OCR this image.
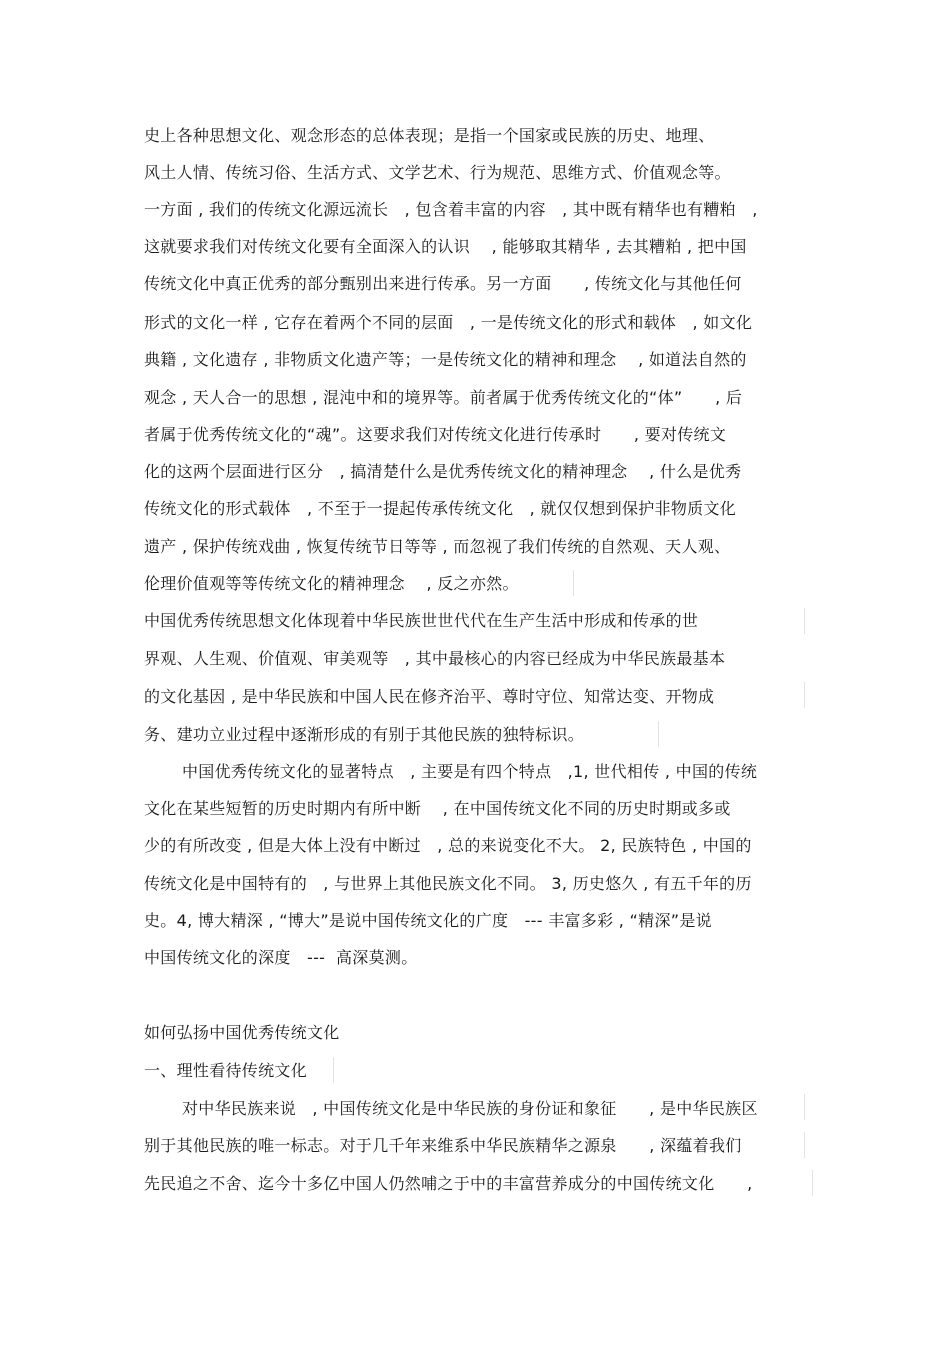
史上各种思想文化、观念形态的总体表现；是指一个国家或民族的历史、地理、
风土人情、传统习俗、生活方式、文学艺术、行为规范、思维方式、价值观念等。
一方面 , 我们的传统文化源远流长　, 包含着丰富的内容　, 其中既有精华也有糟粕　,
这就要求我们对传统文化要有全面深入的认识　 , 能够取其精华 , 去其糟粕 , 把中国
传统文化中真正优秀的部分甄别出来进行传承。另一方面　　, 传统文化与其他任何
形式的文化一样 , 它存在着两个不同的层面　, 一是传统文化的形式和载体　, 如文化
典籍 , 文化遗存 , 非物质文化遗产等；一是传统文化的精神和理念　 , 如道法自然的
观念 , 天人合一的思想 , 混沌中和的境界等。前者属于优秀传统文化的“体”　　, 后
者属于优秀传统文化的“魂”。这要求我们对传统文化进行传承时　　, 要对传统文
化的这两个层面进行区分　, 搞清楚什么是优秀传统文化的精神理念　 , 什么是优秀
传统文化的形式载体　, 不至于一提起传承传统文化　, 就仅仅想到保护非物质文化
遗产 , 保护传统戏曲 , 恢复传统节日等等 , 而忽视了我们传统的自然观、天人观、
伦理价值观等等传统文化的精神理念　 , 反之亦然。
中国优秀传统思想文化体现着中华民族世世代代在生产生活中形成和传承的世
界观、人生观、价值观、审美观等　, 其中最核心的内容已经成为中华民族最基本
的文化基因 , 是中华民族和中国人民在修齐治平、尊时守位、知常达变、开物成
务、建功立业过程中逐渐形成的有别于其他民族的独特标识。
中国优秀传统文化的显著特点　, 主要是有四个特点　,1, 世代相传 , 中国的传统
文化在某些短暂的历史时期内有所中断　 , 在中国传统文化不同的历史时期或多或
少的有所改变 , 但是大体上没有中断过　, 总的来说变化不大。 2, 民族特色 , 中国的
传统文化是中国特有的　, 与世界上其他民族文化不同。 3, 历史悠久 , 有五千年的历
史。4, 博大精深 , “博大”是说中国传统文化的广度　--- 丰富多彩 , “精深”是说
中国传统文化的深度　---  高深莫测。
如何弘扬中国优秀传统文化
一、理性看待传统文化
对中华民族来说　, 中国传统文化是中华民族的身份证和象征　　, 是中华民族区
别于其他民族的唯一标志。对于几千年来维系中华民族精华之源泉　　, 深蕴着我们
先民追之不舍、迄今十多亿中国人仍然哺之于中的丰富营养成分的中国传统文化　　,
